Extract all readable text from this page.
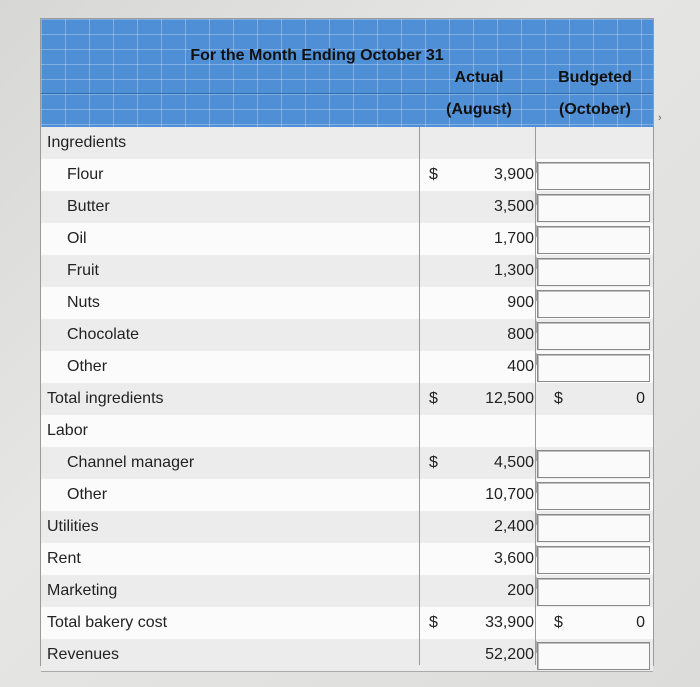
For the Month Ending October 31
Actual
(August)
Budgeted
(October)
Ingredients
Flour	$	3,900
Butter	3,500
Oil	1,700
Fruit	1,300
Nuts	900
Chocolate	800
Other	400
Total ingredients	$	12,500 $	0
Labor
Channel manager	$	4,500
Other	10,700
Utilities	2,400
Rent	3,600
Marketing	200
Total bakery cost	$	33,900 $	0
Revenues	52,200
›
